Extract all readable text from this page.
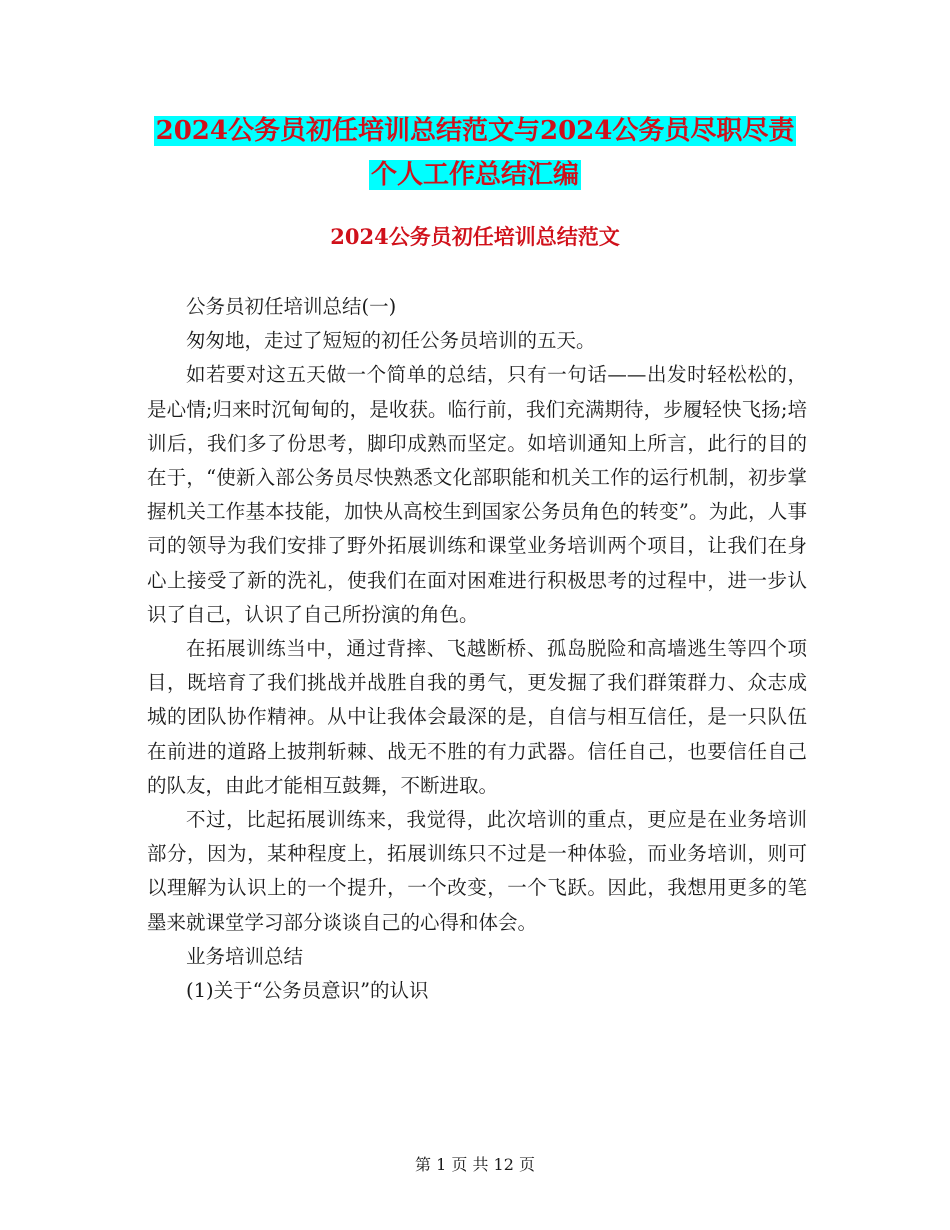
2024公务员初任培训总结范文与2024公务员尽职尽责
个人工作总结汇编
2024公务员初任培训总结范文

公务员初任培训总结(一)

匆匆地，走过了短短的初任公务员培训的五天。

如若要对这五天做一个简单的总结，只有一句话——出发时轻松松的，是心情;归来时沉甸甸的，是收获。临行前，我们充满期待，步履轻快飞扬;培训后，我们多了份思考，脚印成熟而坚定。如培训通知上所言，此行的目的在于，“使新入部公务员尽快熟悉文化部职能和机关工作的运行机制，初步掌握机关工作基本技能，加快从高校生到国家公务员角色的转变”。为此，人事司的领导为我们安排了野外拓展训练和课堂业务培训两个项目，让我们在身心上接受了新的洗礼，使我们在面对困难进行积极思考的过程中，进一步认识了自己，认识了自己所扮演的角色。

在拓展训练当中，通过背摔、飞越断桥、孤岛脱险和高墙逃生等四个项目，既培育了我们挑战并战胜自我的勇气，更发掘了我们群策群力、众志成城的团队协作精神。从中让我体会最深的是，自信与相互信任，是一只队伍在前进的道路上披荆斩棘、战无不胜的有力武器。信任自己，也要信任自己的队友，由此才能相互鼓舞，不断进取。

不过，比起拓展训练来，我觉得，此次培训的重点，更应是在业务培训部分，因为，某种程度上，拓展训练只不过是一种体验，而业务培训，则可以理解为认识上的一个提升，一个改变，一个飞跃。因此，我想用更多的笔墨来就课堂学习部分谈谈自己的心得和体会。

业务培训总结

(1)关于“公务员意识”的认识

第 1 页 共 12 页
